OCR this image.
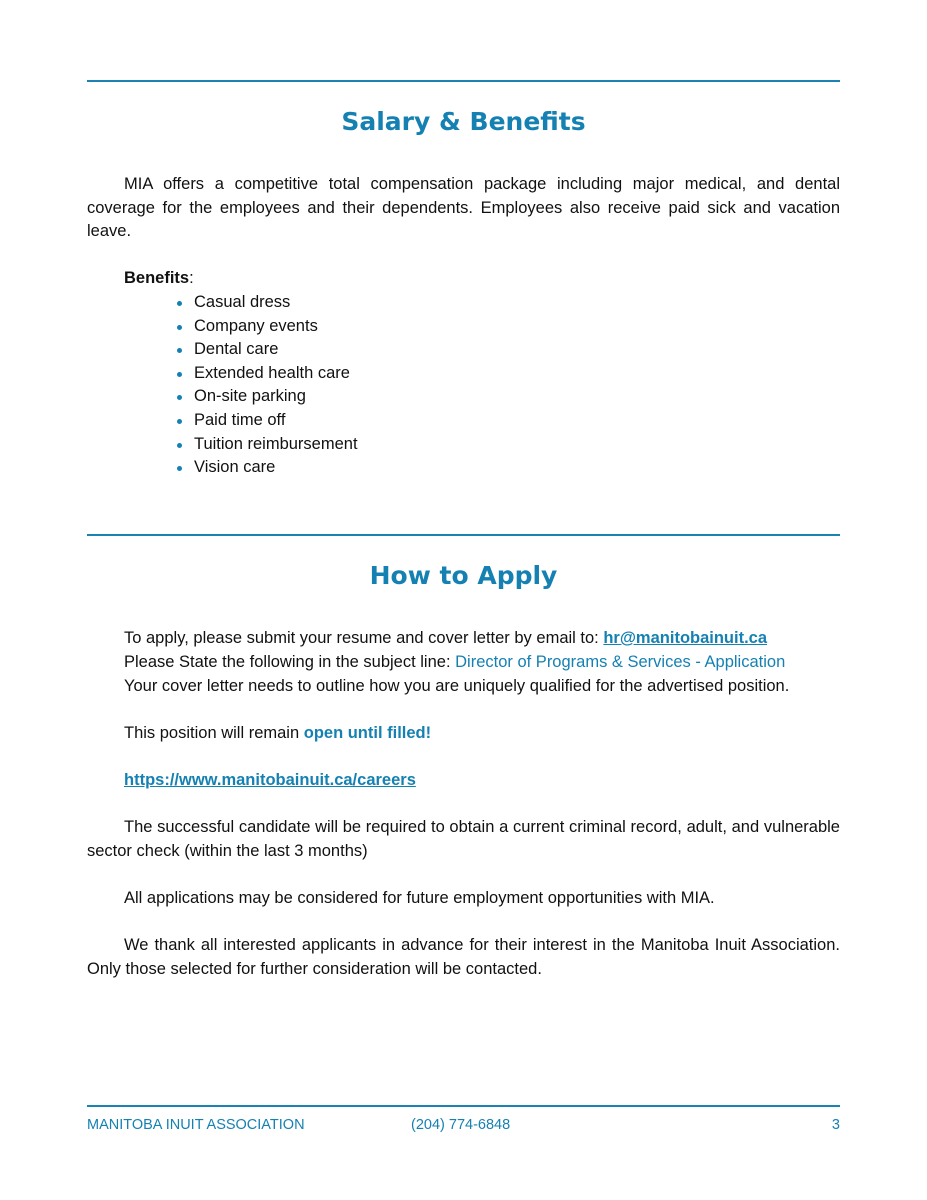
Salary & Benefits

MIA offers a competitive total compensation package including major medical, and dental coverage for the employees and their dependents. Employees also receive paid sick and vacation leave.

Benefits:

Casual dress
Company events
Dental care
Extended health care
On-site parking
Paid time off
Tuition reimbursement
Vision care
How to Apply

To apply, please submit your resume and cover letter by email to: hr@manitobainuit.ca

Please State the following in the subject line: Director of Programs & Services - Application

Your cover letter needs to outline how you are uniquely qualified for the advertised position.

This position will remain open until filled!

https://www.manitobainuit.ca/careers

The successful candidate will be required to obtain a current criminal record, adult, and vulnerable sector check (within the last 3 months)

All applications may be considered for future employment opportunities with MIA.

We thank all interested applicants in advance for their interest in the Manitoba Inuit Association. Only those selected for further consideration will be contacted.

MANITOBA INUIT ASSOCIATION	(204) 774-6848	3
